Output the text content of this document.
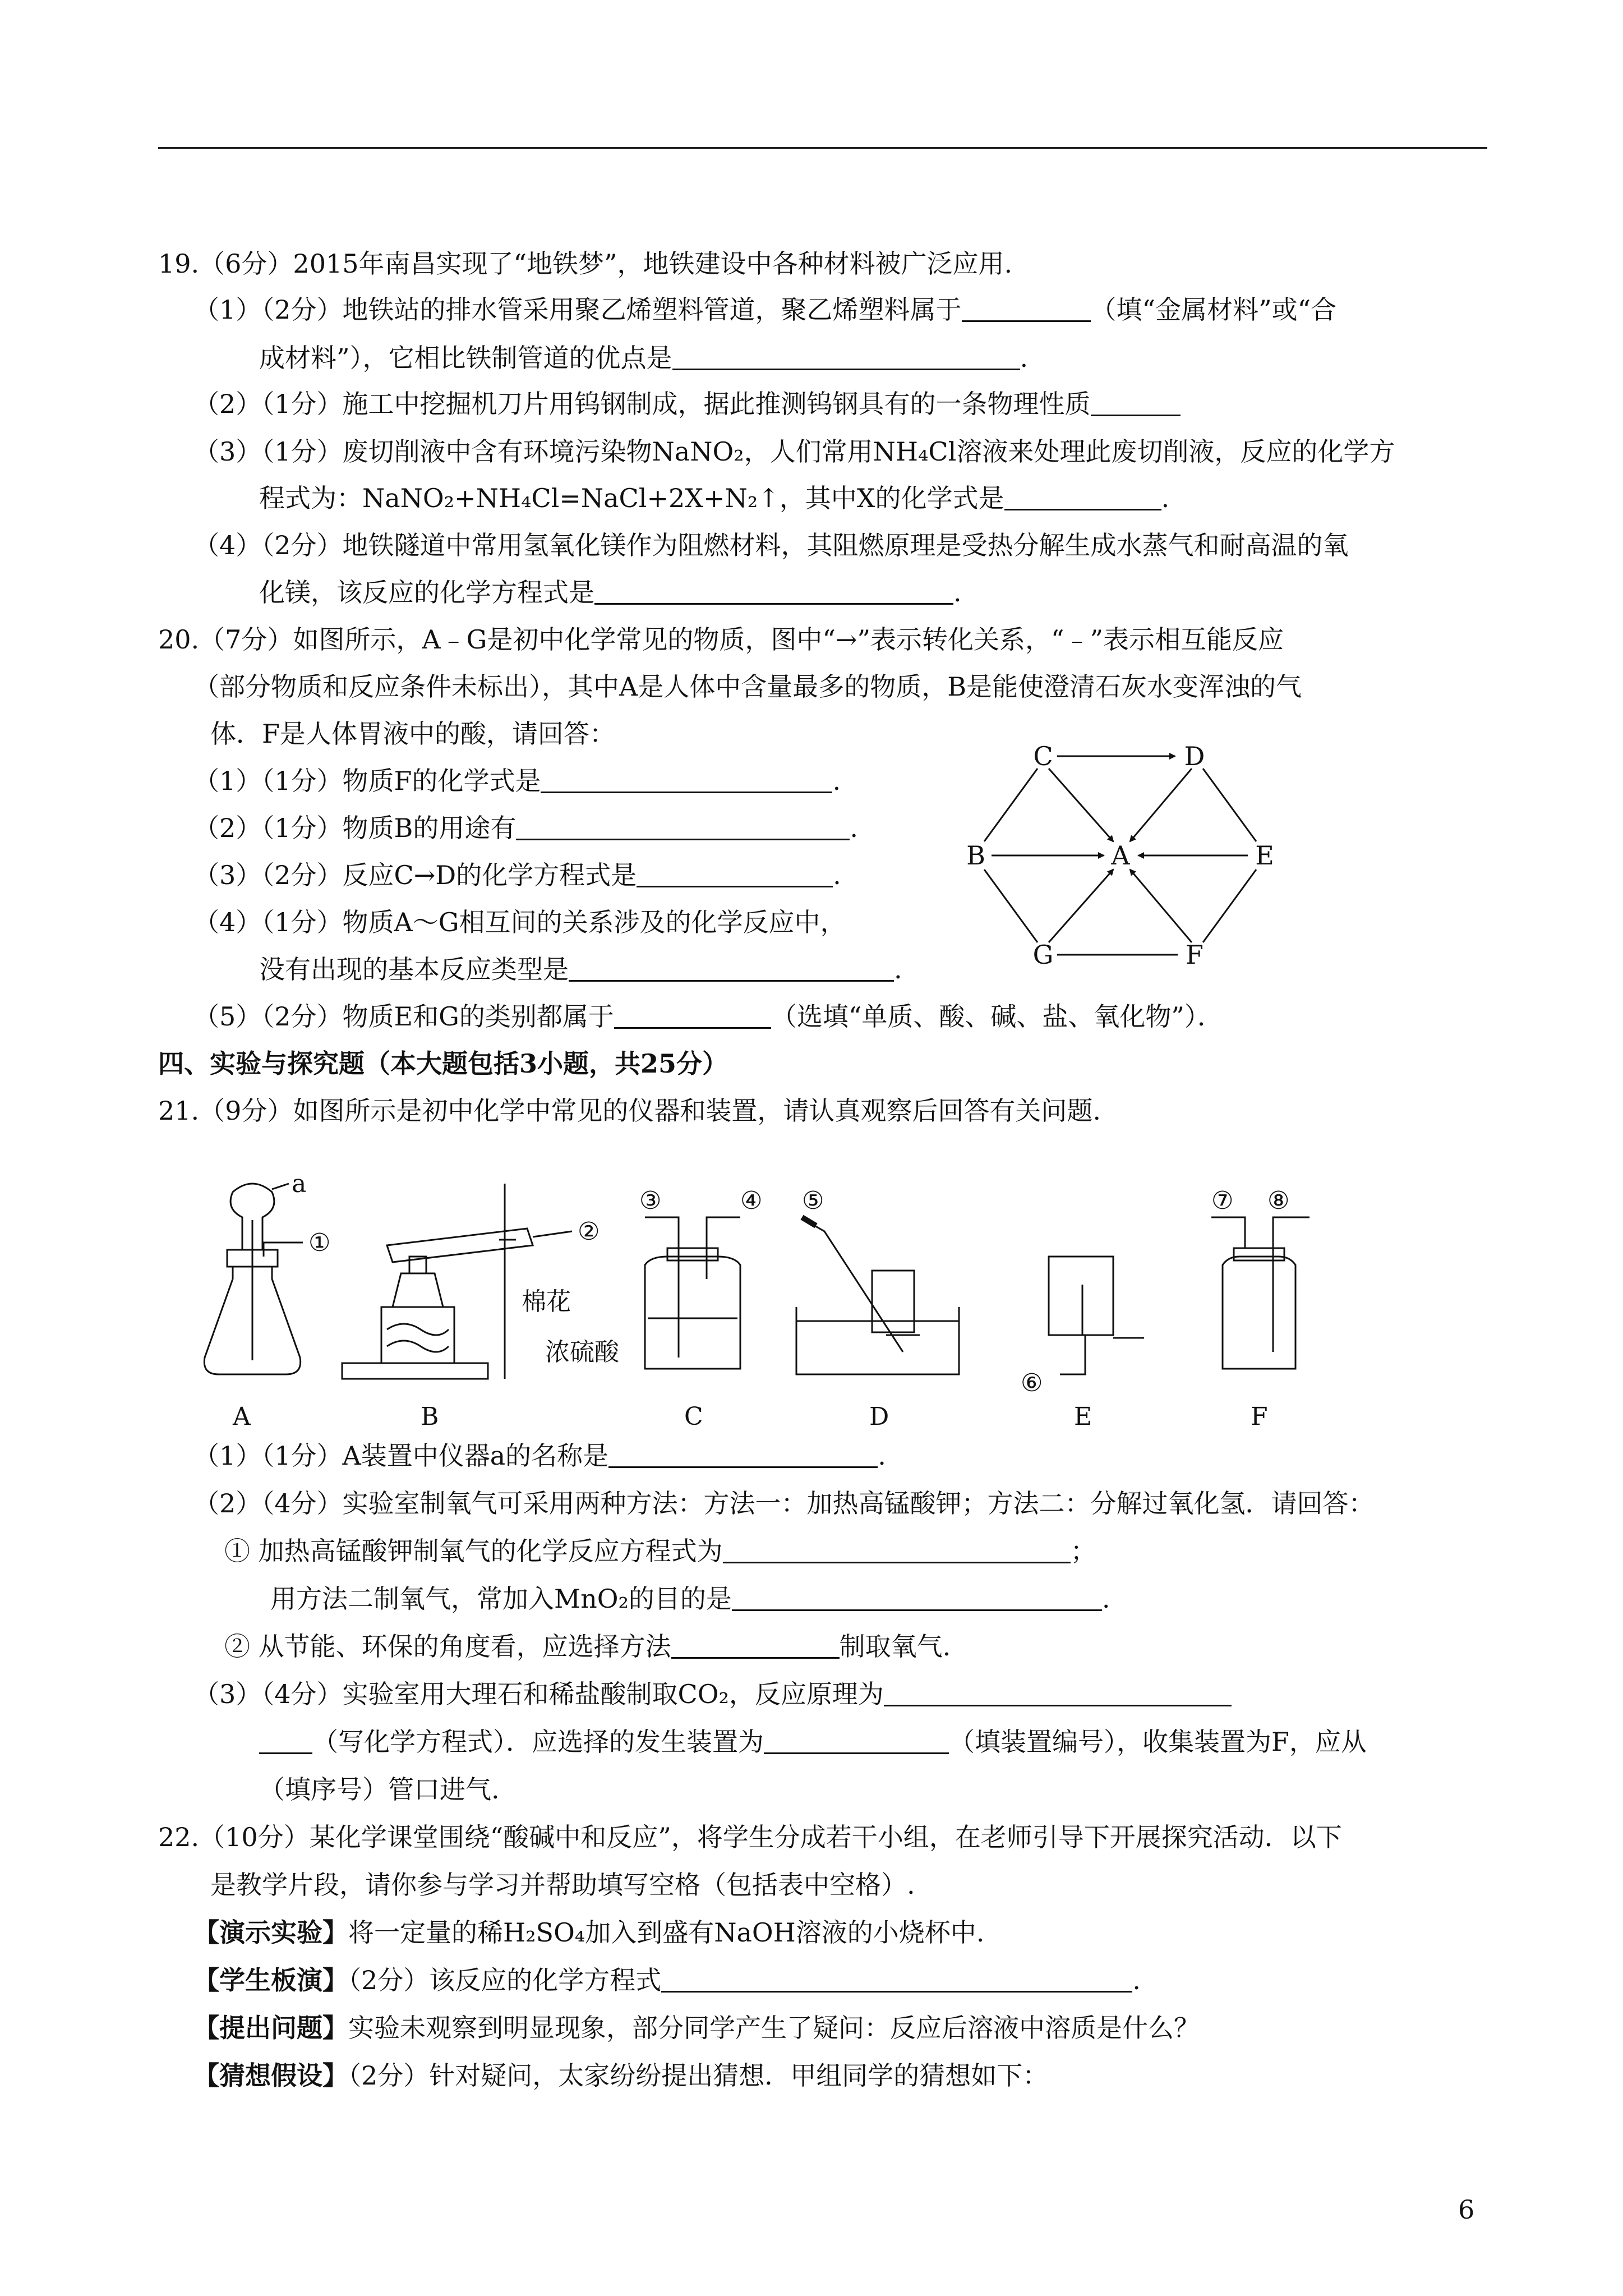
19.（6分）2015年南昌实现了“地铁梦”，地铁建设中各种材料被广泛应用.
（1）（2分）地铁站的排水管采用聚乙烯塑料管道，聚乙烯塑料属于	（填“金属材料”或“合
成材料”），它相比铁制管道的优点是	.
（2）（1分）施工中挖掘机刀片用钨钢制成，据此推测钨钢具有的一条物理性质
（3）（1分）废切削液中含有环境污染物NaNO₂，人们常用NH₄Cl溶液来处理此废切削液，反应的化学方
程式为：NaNO₂+NH₄Cl=NaCl+2X+N₂↑，其中X的化学式是	.
（4）（2分）地铁隧道中常用氢氧化镁作为阻燃材料，其阻燃原理是受热分解生成水蒸气和耐高温的氧
化镁，该反应的化学方程式是	.
20.（7分）如图所示，A﹣G是初中化学常见的物质，图中“→”表示转化关系，“﹣”表示相互能反应
（部分物质和反应条件未标出），其中A是人体中含量最多的物质，B是能使澄清石灰水变浑浊的气
体．F是人体胃液中的酸，请回答：
（1）（1分）物质F的化学式是	.
（2）（1分）物质B的用途有	.
（3）（2分）反应C→D的化学方程式是	.
（4）（1分）物质A～G相互间的关系涉及的化学反应中，
没有出现的基本反应类型是	.
（5）（2分）物质E和G的类别都属于	（选填“单质、酸、碱、盐、氧化物”）．
C	D
B	A	E
G	F
四、实验与探究题（本大题包括3小题，共25分）
21.（9分）如图所示是初中化学中常见的仪器和装置，请认真观察后回答有关问题.
a
①	②
棉花
③	④
浓硫酸
⑤
⑥
⑦ ⑧
A	B	C	D	E	F
（1）（1分）A装置中仪器a的名称是	.
（2）（4分）实验室制氧气可采用两种方法：方法一：加热高锰酸钾；方法二：分解过氧化氢．请回答：
① 加热高锰酸钾制氧气的化学反应方程式为	；
用方法二制氧气，常加入MnO₂的目的是	.
② 从节能、环保的角度看，应选择方法	制取氧气.
（3）（4分）实验室用大理石和稀盐酸制取CO₂，反应原理为
（写化学方程式）．应选择的发生装置为	（填装置编号），收集装置为F，应从
（填序号）管口进气.
22.（10分）某化学课堂围绕“酸碱中和反应”，将学生分成若干小组，在老师引导下开展探究活动．以下
是教学片段，请你参与学习并帮助填写空格（包括表中空格）.
【演示实验】将一定量的稀H₂SO₄加入到盛有NaOH溶液的小烧杯中.
【学生板演】（2分）该反应的化学方程式	.
【提出问题】实验未观察到明显现象，部分同学产生了疑问：反应后溶液中溶质是什么？
【猜想假设】（2分）针对疑问，太家纷纷提出猜想．甲组同学的猜想如下：
6
